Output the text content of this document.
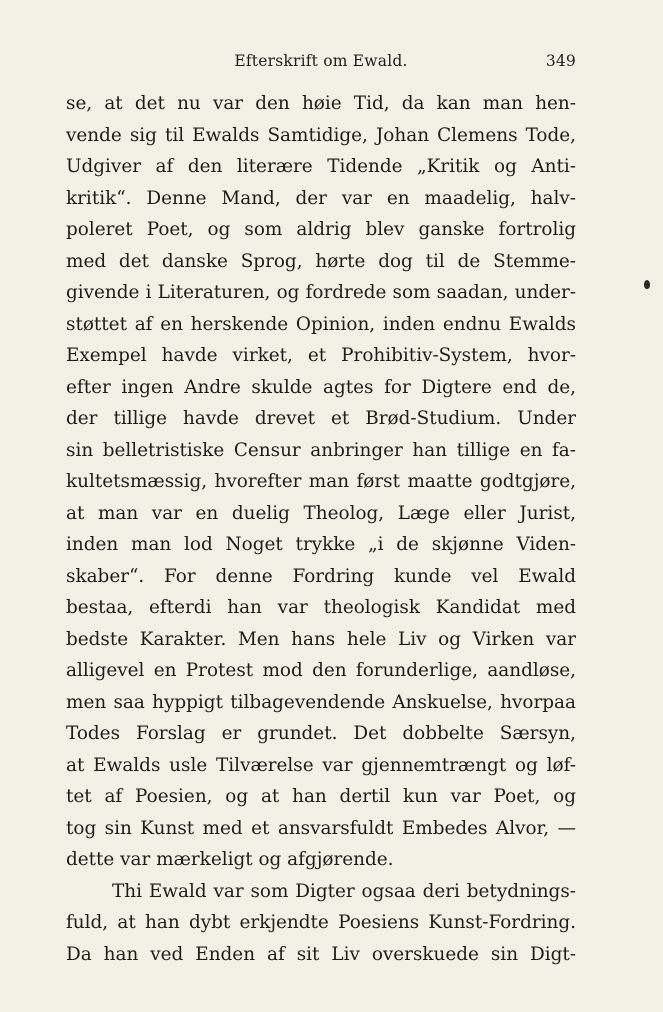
Efterskrift om Ewald.	349
se, at det nu var den høie Tid, da kan man hen-
vende sig til Ewalds Samtidige, Johan Clemens Tode,
Udgiver af den literære Tidende „Kritik og Anti-
kritik“. Denne Mand, der var en maadelig, halv-
poleret Poet, og som aldrig blev ganske fortrolig
med det danske Sprog, hørte dog til de Stemme-
givende i Literaturen, og fordrede som saadan, under-
støttet af en herskende Opinion, inden endnu Ewalds
Exempel havde virket, et Prohibitiv-System, hvor-
efter ingen Andre skulde agtes for Digtere end de,
der tillige havde drevet et Brød-Studium. Under
sin belletristiske Censur anbringer han tillige en fa-
kultetsmæssig, hvorefter man først maatte godtgjøre,
at man var en duelig Theolog, Læge eller Jurist,
inden man lod Noget trykke „i de skjønne Viden-
skaber“. For denne Fordring kunde vel Ewald
bestaa, efterdi han var theologisk Kandidat med
bedste Karakter. Men hans hele Liv og Virken var
alligevel en Protest mod den forunderlige, aandløse,
men saa hyppigt tilbagevendende Anskuelse, hvorpaa
Todes Forslag er grundet. Det dobbelte Særsyn,
at Ewalds usle Tilværelse var gjennemtrængt og løf-
tet af Poesien, og at han dertil kun var Poet, og
tog sin Kunst med et ansvarsfuldt Embedes Alvor, —
dette var mærkeligt og afgjørende.
Thi Ewald var som Digter ogsaa deri betydnings-
fuld, at han dybt erkjendte Poesiens Kunst-Fordring.
Da han ved Enden af sit Liv overskuede sin Digt-
